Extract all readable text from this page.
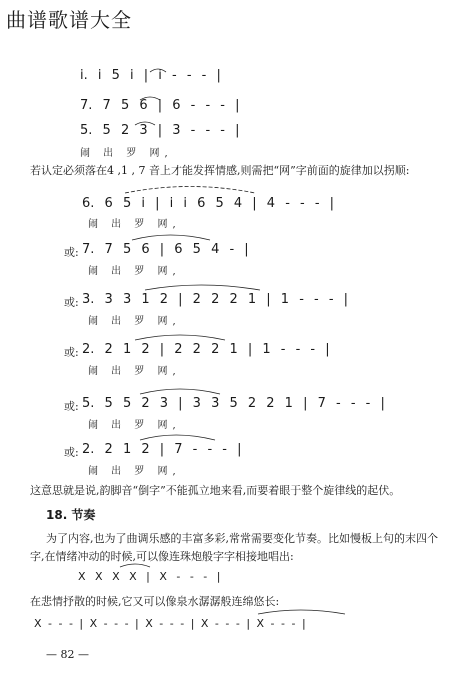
曲谱歌谱大全
i. i 5 i | i - - - |
7. 7 5 6 | 6 - - - |
5. 5 2 3 | 3 - - - |
闹 出 罗 网,
若认定必须落在4 ,1 , 7 音上才能发挥情感,则需把“网”字前面的旋律加以拐顺:
6. 6 5 i | i i 6 5 4 | 4 - - - |
闹 出 罗 网,
或: 7. 7 5 6 | 6 5 4 - |
闹 出 罗 网,
或: 3. 3 3 1 2 | 2 2 2 1 | 1 - - - |
闹 出 罗 网,
或: 2. 2 1 2 | 2 2 2 1 | 1 - - - |
闹 出 罗 网,
或: 5. 5 5 2 3 | 3 3 5 2 2 1 | 7 - - - |
闹 出 罗 网,
或: 2. 2 1 2 | 7 - - - |
闹 出 罗 网,
这意思就是说,韵脚音“倒字”不能孤立地来看,而要着眼于整个旋律线的起伏。
18. 节奏
为了内容,也为了曲调乐感的丰富多彩,常常需要变化节奏。比如慢板上句的末四个
字,在情绪冲动的时候,可以像连珠炮般字字相接地唱出:
X X X X | X - - - |
在悲情抒散的时候,它又可以像泉水潺潺般连绵悠长:
X - - - | X - - - | X - - - | X - - - | X - - - |
— 82 —
